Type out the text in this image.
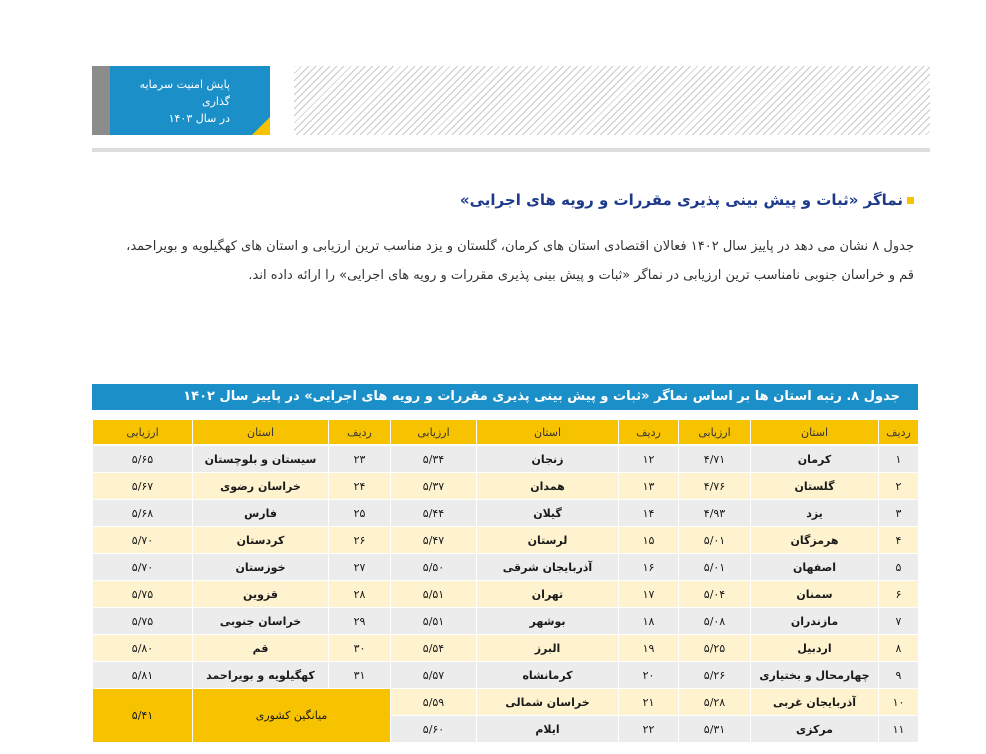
پایش امنیت سرمایه گذاری
در سال ۱۴۰۳
نماگر «ثبات و پیش بینی پذیری مقررات و رویه های اجرایی»

جدول ۸ نشان می دهد در پاییز سال ۱۴۰۲ فعالان اقتصادی استان های کرمان، گلستان و یزد مناسب ترین ارزیابی و استان های کهگیلویه و بویراحمد،

قم و خراسان جنوبی نامناسب ترین ارزیابی در نماگر «ثبات و پیش بینی پذیری مقررات و رویه های اجرایی» را ارائه داده اند.

جدول ۸. رتبه استان ها بر اساس نماگر «ثبات و پیش بینی پذیری مقررات و رویه های اجرایی» در پاییز سال ۱۴۰۲
ردیف
استان
ارزیابی
ردیف
استان
ارزیابی
ردیف
استان
ارزیابی
۱
کرمان
۴/۷۱
۱۲
زنجان
۵/۳۴
۲۳
سیستان و بلوچستان
۵/۶۵
۲
گلستان
۴/۷۶
۱۳
همدان
۵/۳۷
۲۴
خراسان رضوی
۵/۶۷
۳
یزد
۴/۹۳
۱۴
گیلان
۵/۴۴
۲۵
فارس
۵/۶۸
۴
هرمزگان
۵/۰۱
۱۵
لرستان
۵/۴۷
۲۶
کردستان
۵/۷۰
۵
اصفهان
۵/۰۱
۱۶
آذربایجان شرقی
۵/۵۰
۲۷
خوزستان
۵/۷۰
۶
سمنان
۵/۰۴
۱۷
تهران
۵/۵۱
۲۸
قزوین
۵/۷۵
۷
مازندران
۵/۰۸
۱۸
بوشهر
۵/۵۱
۲۹
خراسان جنوبی
۵/۷۵
۸
اردبیل
۵/۲۵
۱۹
البرز
۵/۵۴
۳۰
قم
۵/۸۰
۹
چهارمحال و بختیاری
۵/۲۶
۲۰
کرمانشاه
۵/۵۷
۳۱
کهگیلویه و بویراحمد
۵/۸۱
۱۰
آذربایجان غربی
۵/۲۸
۲۱
خراسان شمالی
۵/۵۹
۱۱
مرکزی
۵/۳۱
۲۲
ایلام
۵/۶۰
میانگین کشوری
۵/۴۱
